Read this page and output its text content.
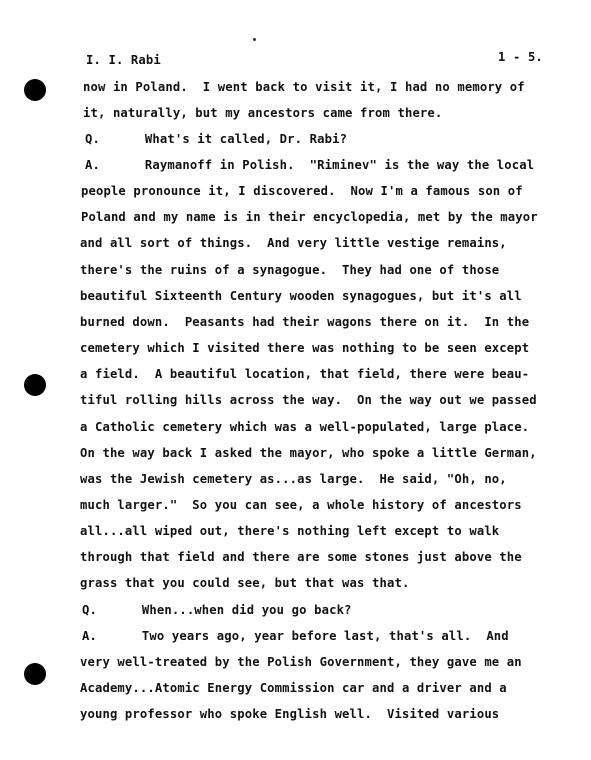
I. I. Rabi	1 - 5.
now in Poland.  I went back to visit it, I had no memory of
it, naturally, but my ancestors came from there.
Q.      What's it called, Dr. Rabi?
A.      Raymanoff in Polish.  "Riminev" is the way the local
people pronounce it, I discovered.  Now I'm a famous son of
Poland and my name is in their encyclopedia, met by the mayor
and all sort of things.  And very little vestige remains,
there's the ruins of a synagogue.  They had one of those
beautiful Sixteenth Century wooden synagogues, but it's all
burned down.  Peasants had their wagons there on it.  In the
cemetery which I visited there was nothing to be seen except
a field.  A beautiful location, that field, there were beau-
tiful rolling hills across the way.  On the way out we passed
a Catholic cemetery which was a well-populated, large place.
On the way back I asked the mayor, who spoke a little German,
was the Jewish cemetery as...as large.  He said, "Oh, no,
much larger."  So you can see, a whole history of ancestors
all...all wiped out, there's nothing left except to walk
through that field and there are some stones just above the
grass that you could see, but that was that.
Q.      When...when did you go back?
A.      Two years ago, year before last, that's all.  And
very well-treated by the Polish Government, they gave me an
Academy...Atomic Energy Commission car and a driver and a
young professor who spoke English well.  Visited various
